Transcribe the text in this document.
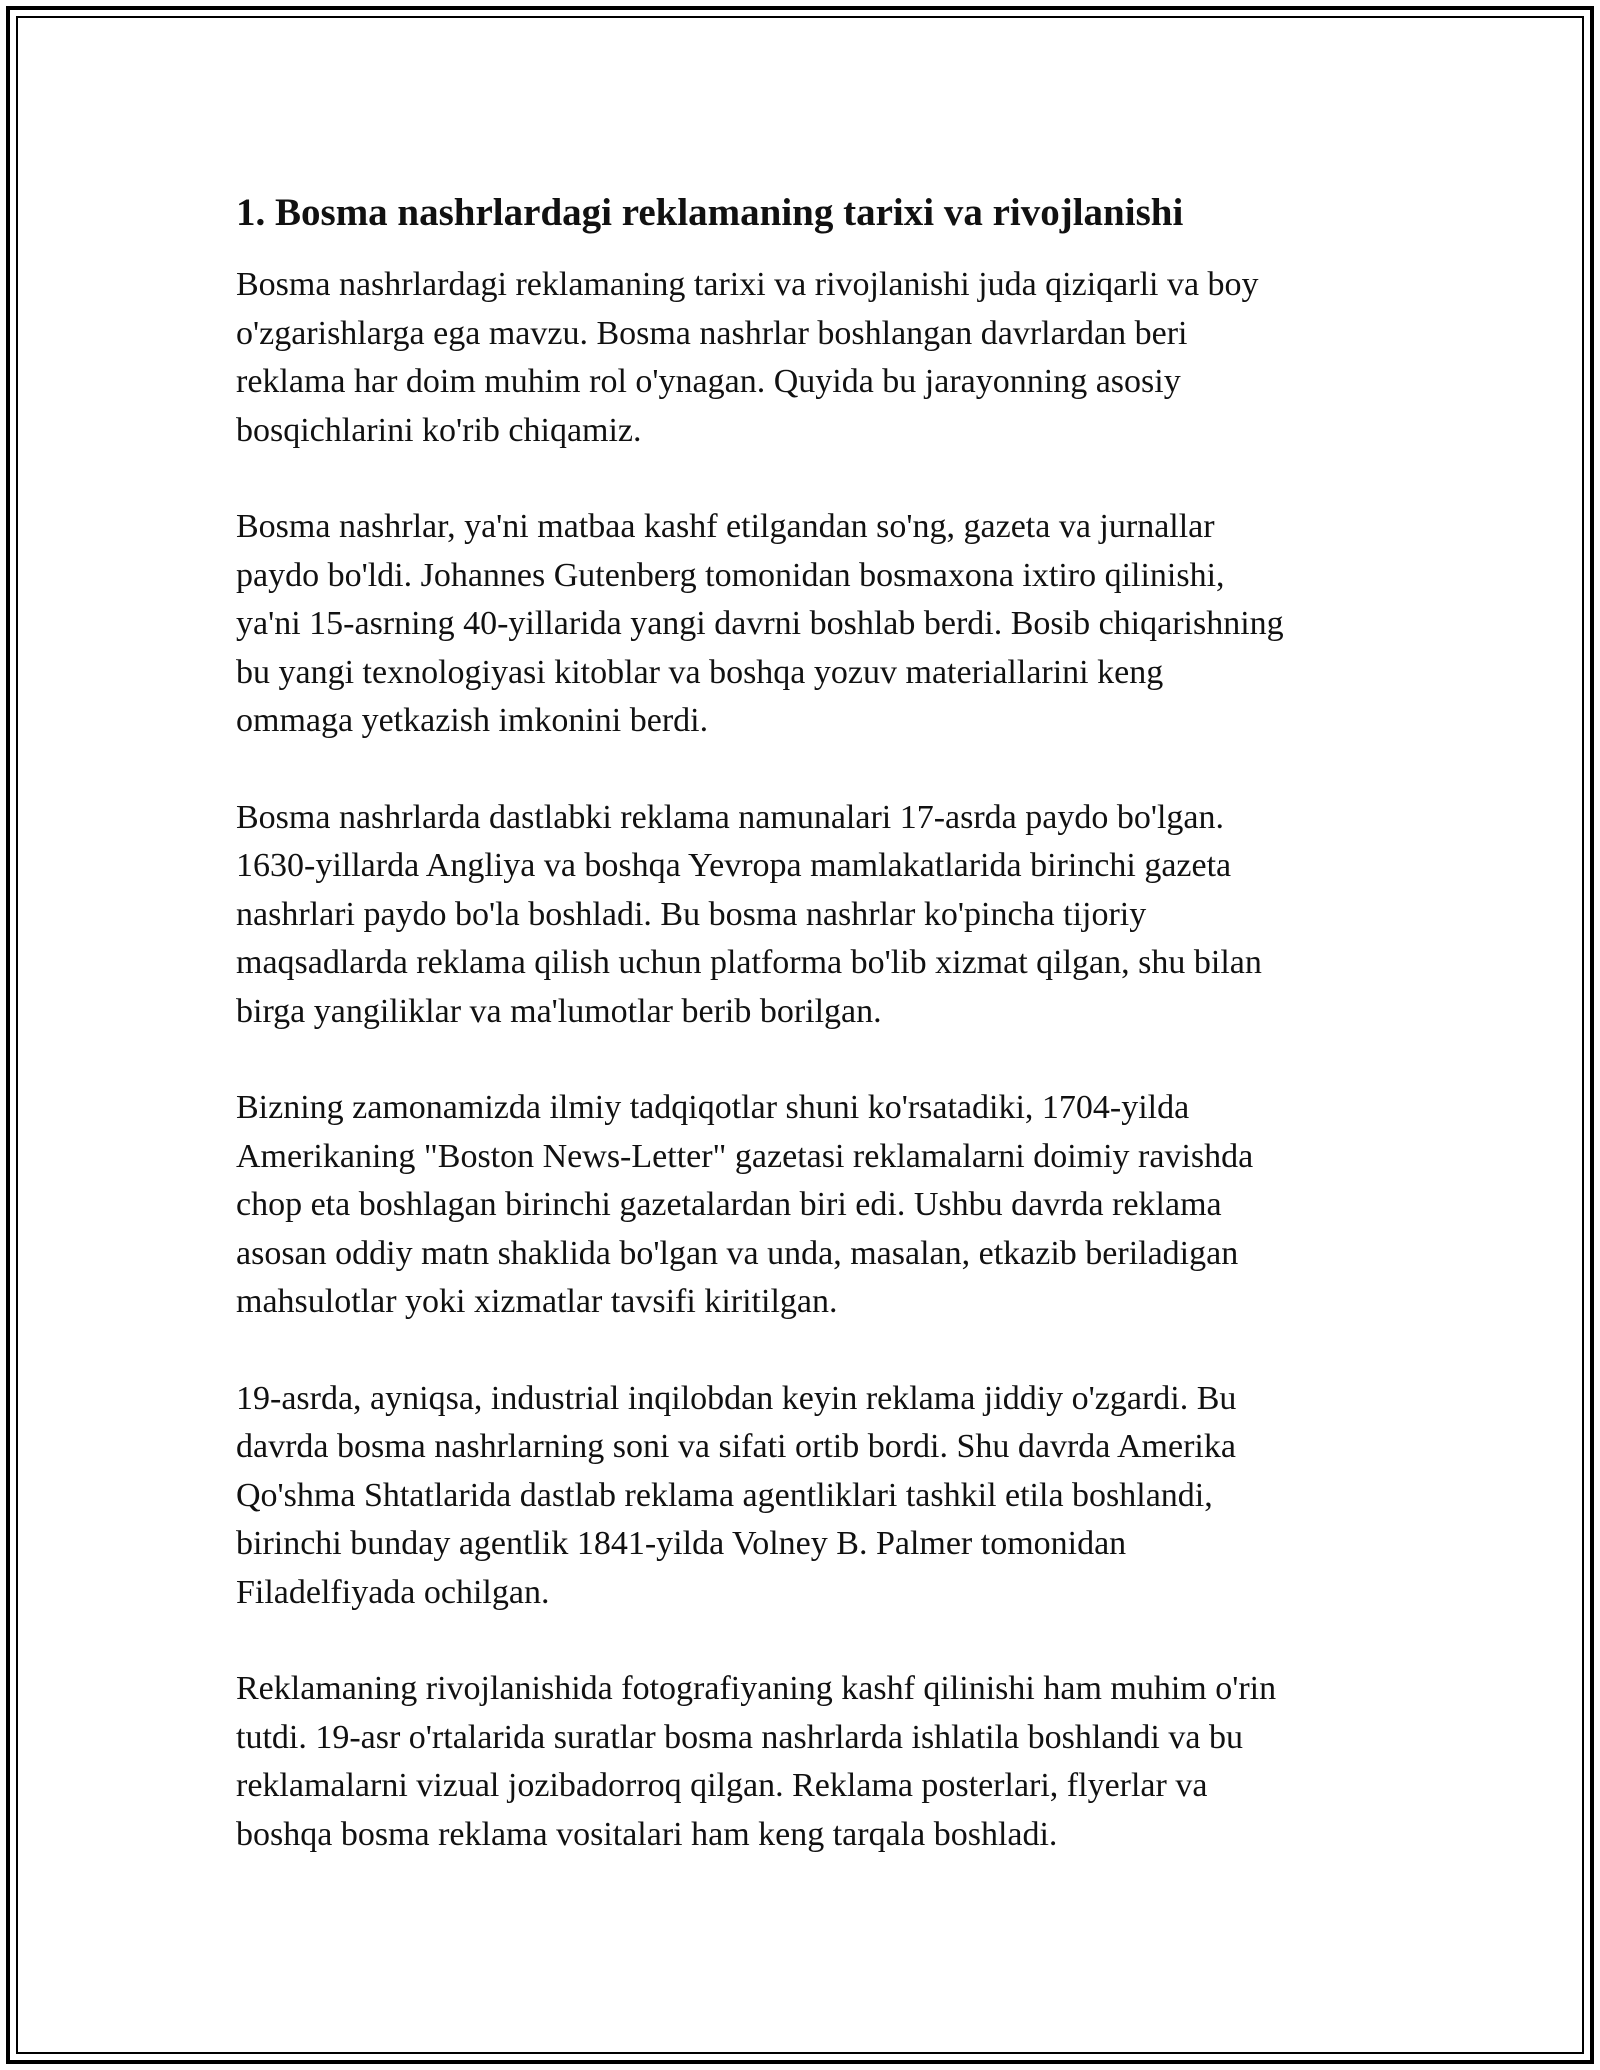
1. Bosma nashrlardagi reklamaning tarixi va rivojlanishi

Bosma nashrlardagi reklamaning tarixi va rivojlanishi juda qiziqarli va boy
o'zgarishlarga ega mavzu. Bosma nashrlar boshlangan davrlardan beri
reklama har doim muhim rol o'ynagan. Quyida bu jarayonning asosiy
bosqichlarini ko'rib chiqamiz.

Bosma nashrlar, ya'ni matbaa kashf etilgandan so'ng, gazeta va jurnallar
paydo bo'ldi. Johannes Gutenberg tomonidan bosmaxona ixtiro qilinishi,
ya'ni 15-asrning 40-yillarida yangi davrni boshlab berdi. Bosib chiqarishning
bu yangi texnologiyasi kitoblar va boshqa yozuv materiallarini keng
ommaga yetkazish imkonini berdi.

Bosma nashrlarda dastlabki reklama namunalari 17-asrda paydo bo'lgan.
1630-yillarda Angliya va boshqa Yevropa mamlakatlarida birinchi gazeta
nashrlari paydo bo'la boshladi. Bu bosma nashrlar ko'pincha tijoriy
maqsadlarda reklama qilish uchun platforma bo'lib xizmat qilgan, shu bilan
birga yangiliklar va ma'lumotlar berib borilgan.

Bizning zamonamizda ilmiy tadqiqotlar shuni ko'rsatadiki, 1704-yilda
Amerikaning "Boston News-Letter" gazetasi reklamalarni doimiy ravishda
chop eta boshlagan birinchi gazetalardan biri edi. Ushbu davrda reklama
asosan oddiy matn shaklida bo'lgan va unda, masalan, etkazib beriladigan
mahsulotlar yoki xizmatlar tavsifi kiritilgan.

19-asrda, ayniqsa, industrial inqilobdan keyin reklama jiddiy o'zgardi. Bu
davrda bosma nashrlarning soni va sifati ortib bordi. Shu davrda Amerika
Qo'shma Shtatlarida dastlab reklama agentliklari tashkil etila boshlandi,
birinchi bunday agentlik 1841-yilda Volney B. Palmer tomonidan
Filadelfiyada ochilgan.

Reklamaning rivojlanishida fotografiyaning kashf qilinishi ham muhim o'rin
tutdi. 19-asr o'rtalarida suratlar bosma nashrlarda ishlatila boshlandi va bu
reklamalarni vizual jozibadorroq qilgan. Reklama posterlari, flyerlar va
boshqa bosma reklama vositalari ham keng tarqala boshladi.
